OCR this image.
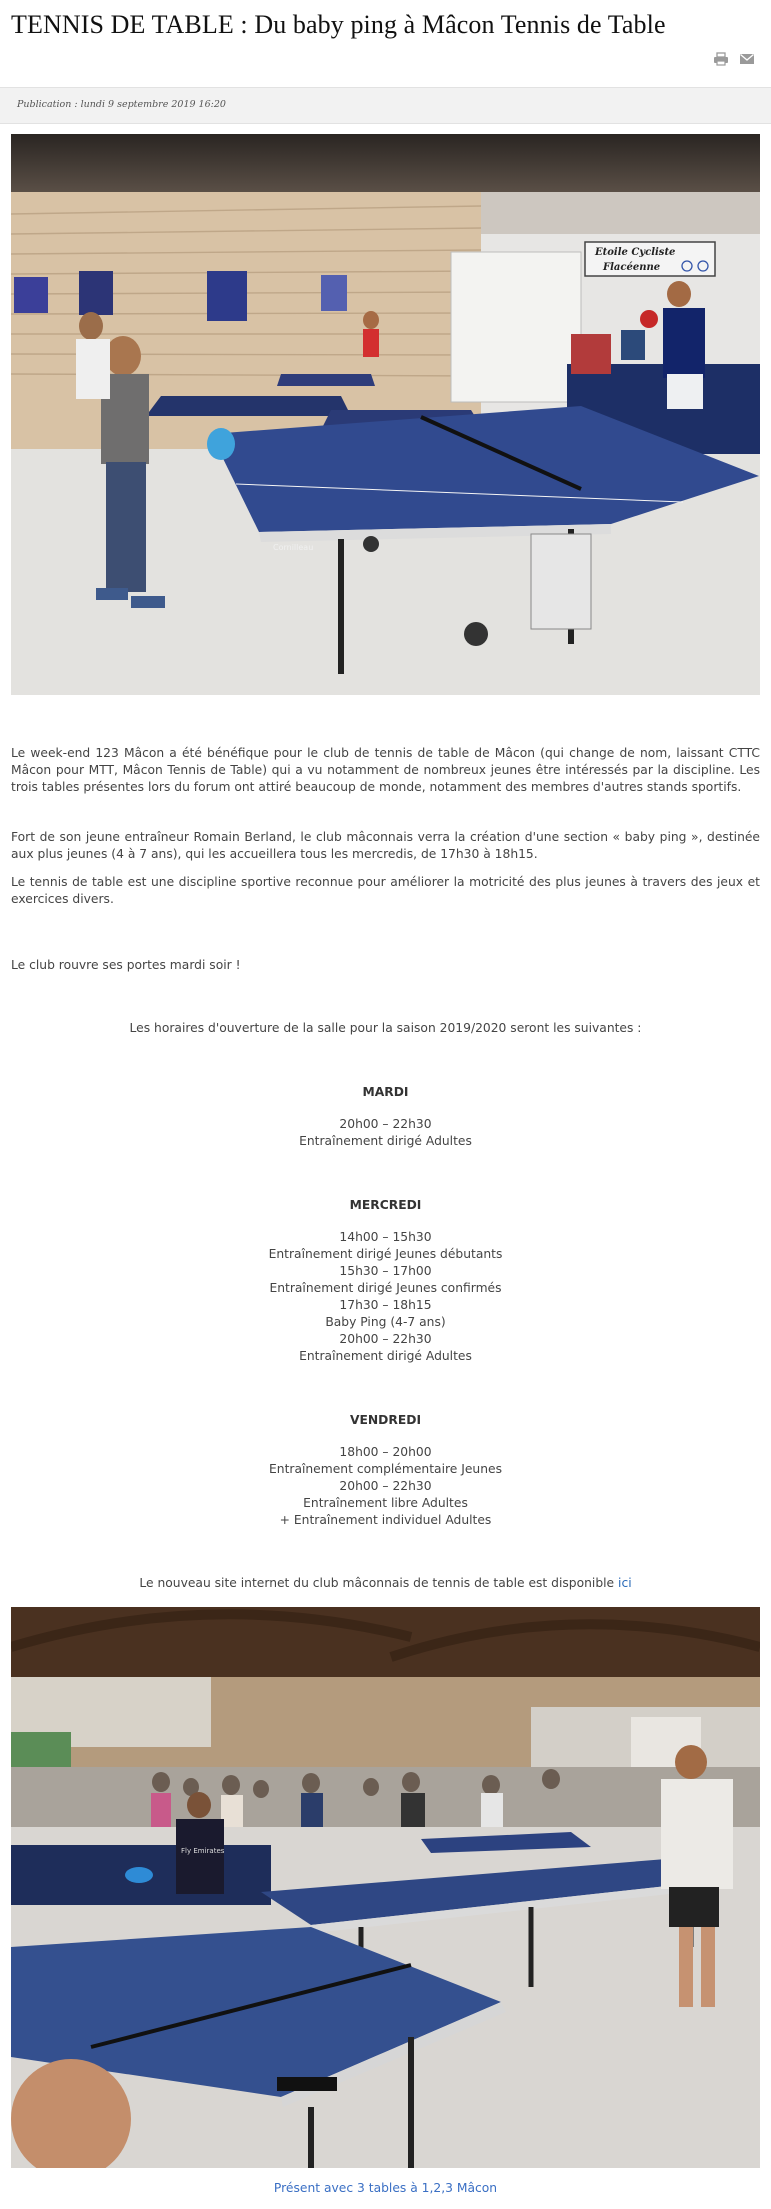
TENNIS DE TABLE : Du baby ping à Mâcon Tennis de Table
Publication : lundi 9 septembre 2019 16:20
Etoile Cycliste
Flacéenne
Cornilleau

Le week-end 123 Mâcon a été bénéfique pour le club de tennis de table de Mâcon (qui change de nom, laissant CTTC Mâcon pour MTT, Mâcon Tennis de Table) qui a vu notamment de nombreux jeunes être intéressés par la discipline. Les trois tables présentes lors du forum ont attiré beaucoup de monde, notamment des membres d'autres stands sportifs.

Fort de son jeune entraîneur Romain Berland, le club mâconnais verra la création d'une section « baby ping », destinée aux plus jeunes (4 à 7 ans), qui les accueillera tous les mercredis, de 17h30 à 18h15.

Le tennis de table est une discipline sportive reconnue pour améliorer la motricité des plus jeunes à travers des jeux et exercices divers.

Le club rouvre ses portes mardi soir !

Les horaires d'ouverture de la salle pour la saison 2019/2020 seront les suivantes :

MARDI

20h00 – 22h30

Entraînement dirigé Adultes

MERCREDI

14h00 – 15h30

Entraînement dirigé Jeunes débutants

15h30 – 17h00

Entraînement dirigé Jeunes confirmés

17h30 – 18h15

Baby Ping (4-7 ans)

20h00 – 22h30

Entraînement dirigé Adultes

VENDREDI

18h00 – 20h00

Entraînement complémentaire Jeunes

20h00 – 22h30

Entraînement libre Adultes

+ Entraînement individuel Adultes

Le nouveau site internet du club mâconnais de tennis de table est disponible ici

Fly Emirates
Présent avec 3 tables à 1,2,3 Mâcon
